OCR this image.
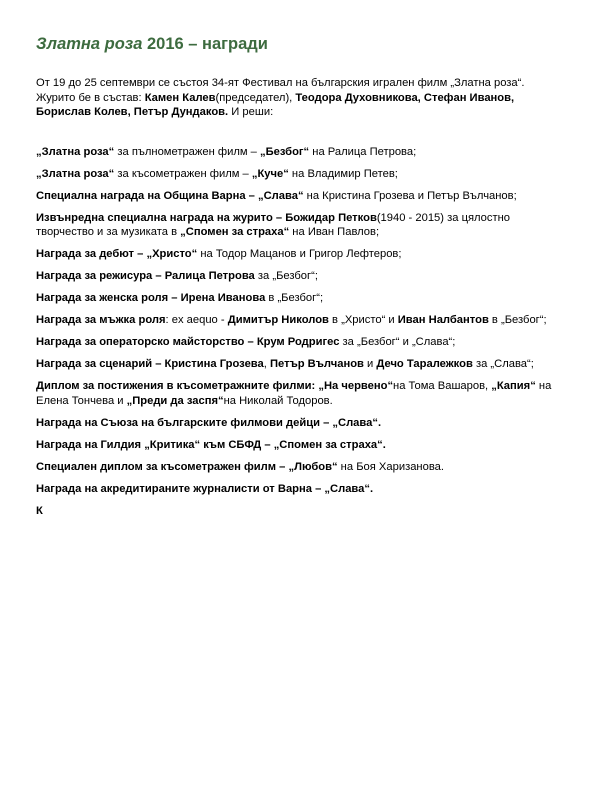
Златна роза 2016 – награди

От 19 до 25 септември се състоя 34-ят Фестивал на българския игрален филм „Златна роза“. Журито бе в състав: Камен Калев(председател), Теодора Духовникова, Стефан Иванов, Борислав Колев, Петър Дундаков. И реши:

„Златна роза“ за пълнометражен филм – „Безбог“ на Ралица Петрова;

„Златна роза“ за късометражен филм – „Куче“ на Владимир Петев;

Специална награда на Община Варна – „Слава“ на Кристина Грозева и Петър Вълчанов;

Извънредна специална награда на журито – Божидар Петков(1940 - 2015) за цялостно творчество и за музиката в „Спомен за страха“ на Иван Павлов;

Награда за дебют – „Христо“ на Тодор Мацанов и Григор Лефтеров;

Награда за режисура – Ралица Петрова за „Безбог“;

Награда за женска роля – Ирена Иванова в „Безбог“;

Награда за мъжка роля: ex aequo - Димитър Николов в „Христо“ и Иван Налбантов в „Безбог“;

Награда за операторско майсторство – Крум Родригес за „Безбог“ и „Слава“;

Награда за сценарий – Кристина Грозева, Петър Вълчанов и Дечо Таралежков за „Слава“;

Диплом за постижения в късометражните филми: „На червено“на Тома Вашаров, „Капия“ на Елена Тончева и „Преди да заспя“на Николай Тодоров.

Награда на Съюза на българските филмови дейци – „Слава“.

Награда на Гилдия „Критика“ към СБФД – „Спомен за страха“.

Специален диплом за късометражен филм – „Любов“ на Боя Харизанова.

Награда на акредитираните журналисти от Варна – „Слава“.

К
